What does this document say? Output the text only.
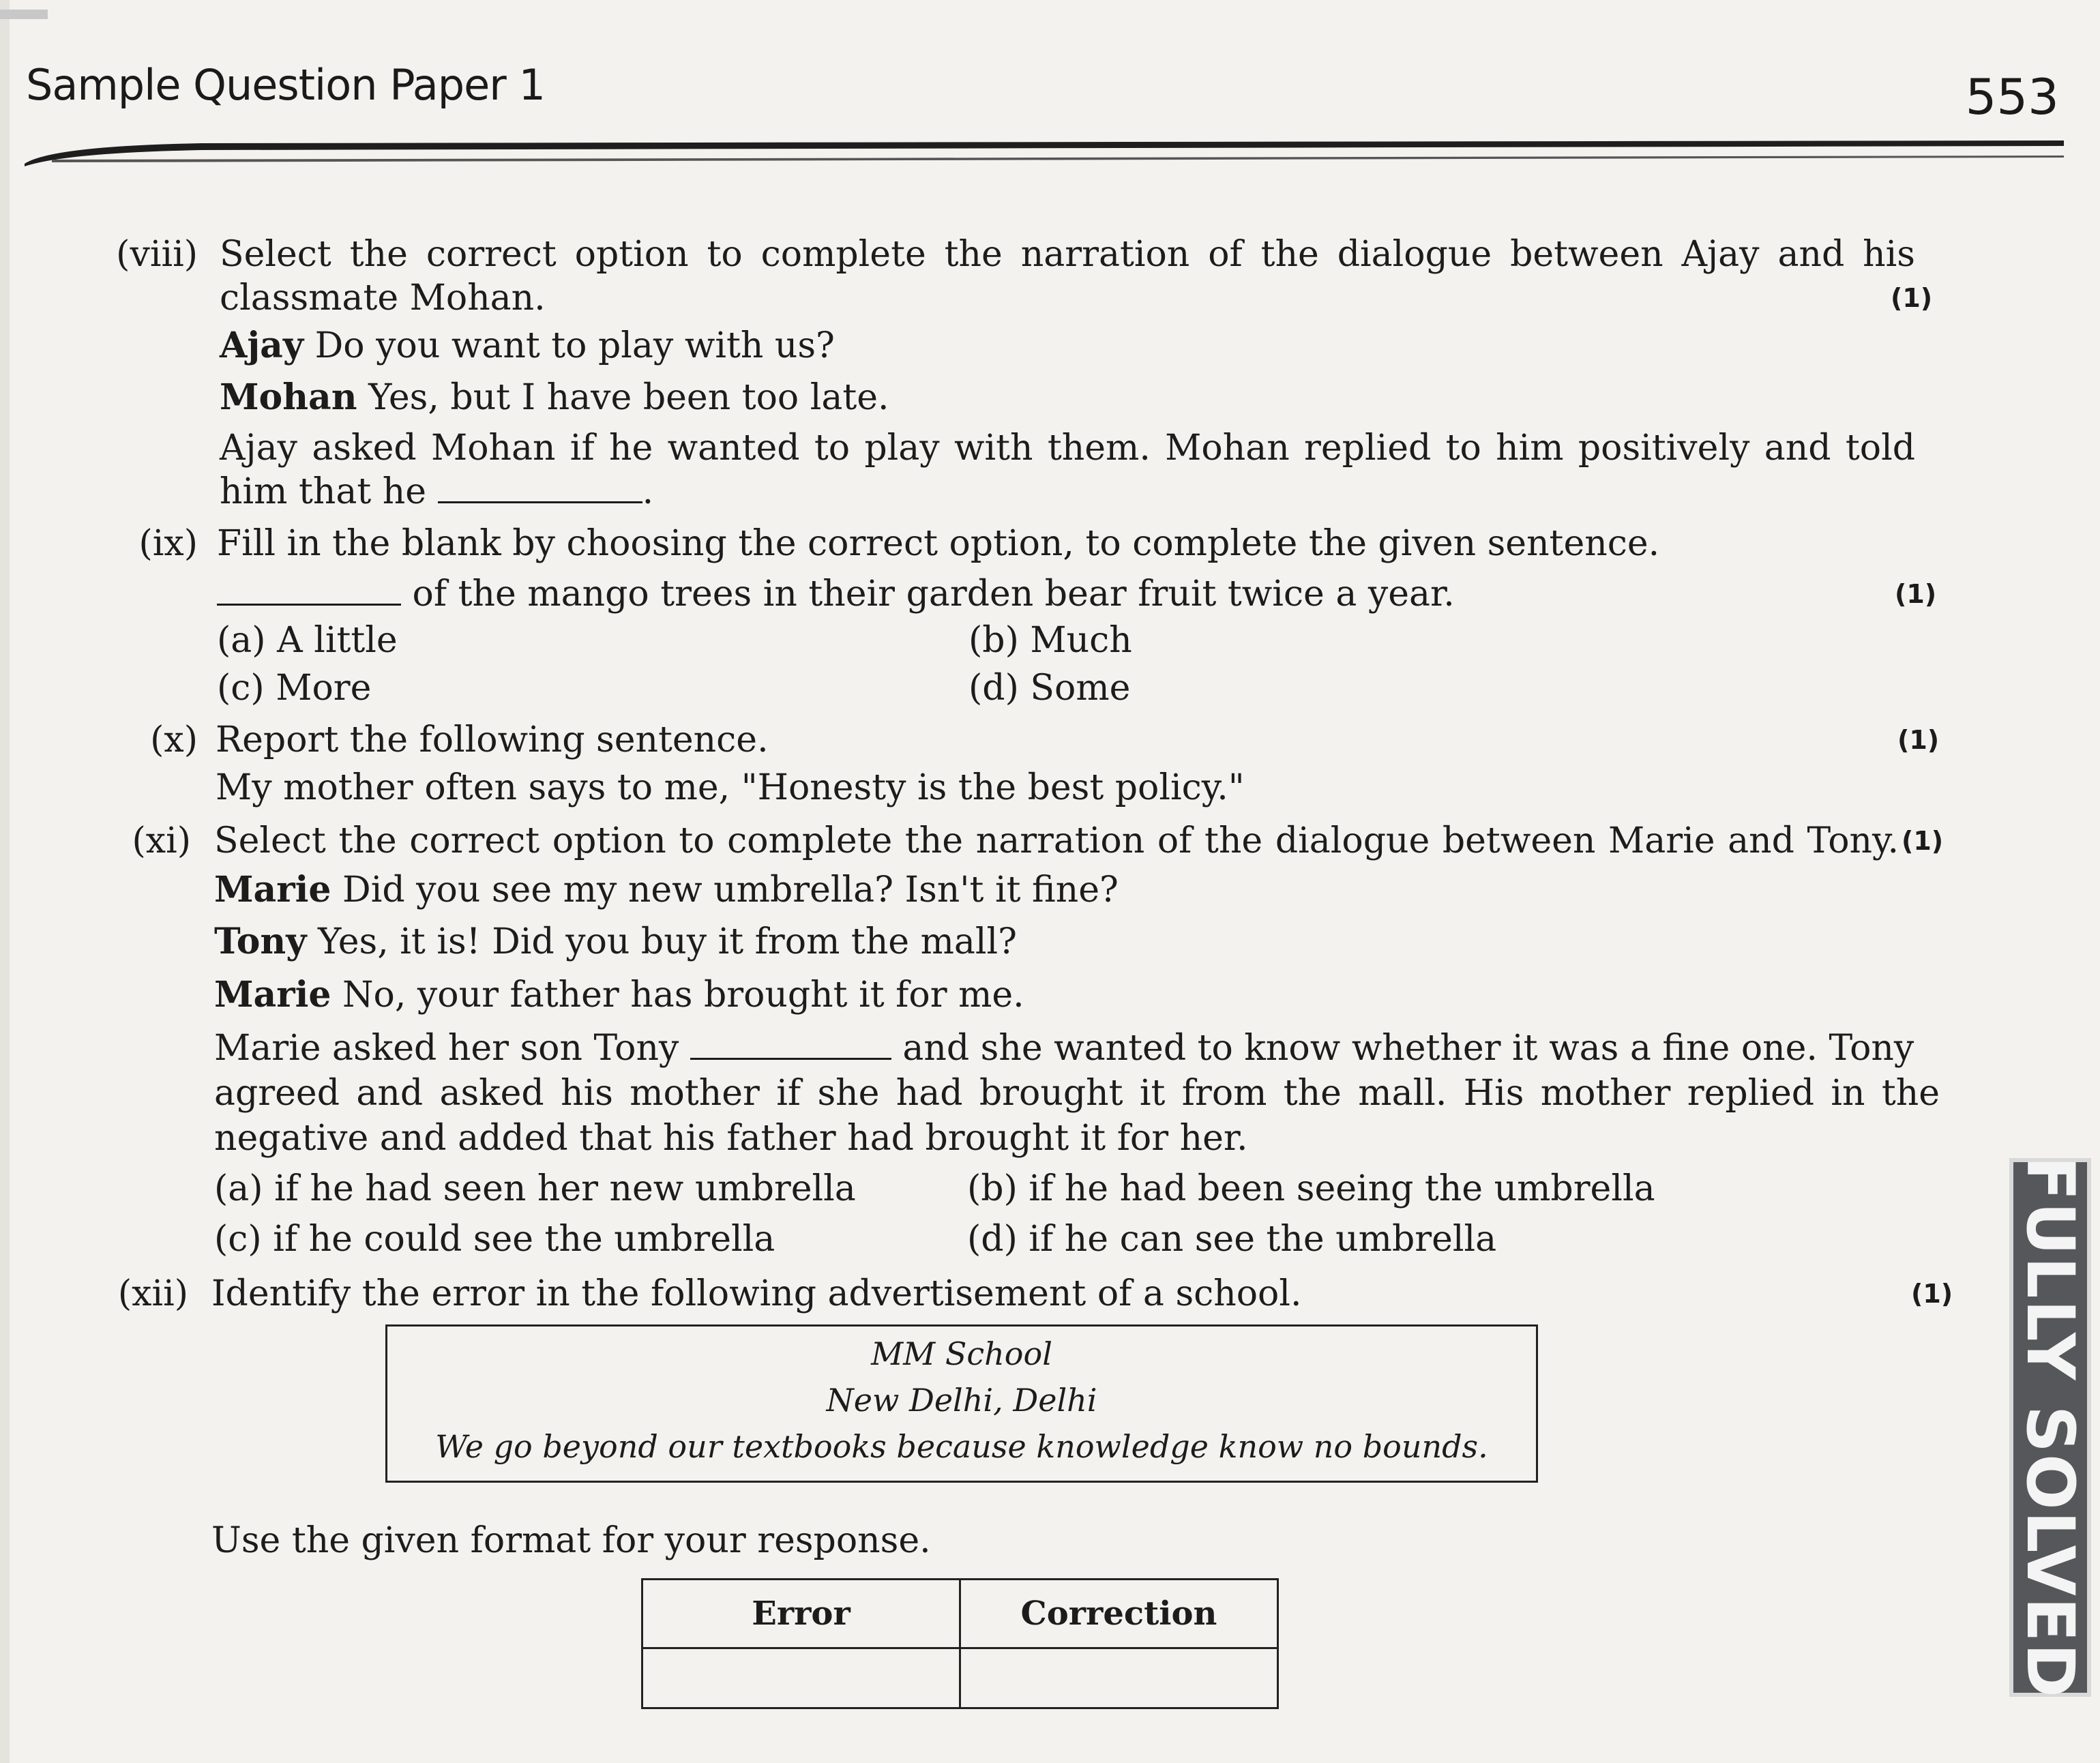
Sample Question Paper 1	553
(viii) Select the correct option to complete the narration of the dialogue between Ajay and his
classmate Mohan.	(1)
Ajay Do you want to play with us?
Mohan Yes, but I have been too late.
Ajay asked Mohan if he wanted to play with them. Mohan replied to him positively and told
him that he	.
(ix) Fill in the blank by choosing the correct option, to complete the given sentence.
of the mango trees in their garden bear fruit twice a year.	(1)
(a) A little	(b) Much
(c) More	(d) Some
(x) Report the following sentence.	(1)
My mother often says to me, "Honesty is the best policy."
(xi) Select the correct option to complete the narration of the dialogue between Marie and Tony. (1)
Marie Did you see my new umbrella? Isn't it fine?
Tony Yes, it is! Did you buy it from the mall?
Marie No, your father has brought it for me.
Marie asked her son Tony	and she wanted to know whether it was a fine one. Tony
agreed and asked his mother if she had brought it from the mall. His mother replied in the
negative and added that his father had brought it for her.
(a) if he had seen her new umbrella	(b) if he had been seeing the umbrella
(c) if he could see the umbrella	(d) if he can see the umbrella
(xii) Identify the error in the following advertisement of a school.	(1)
MM School
New Delhi, Delhi
We go beyond our textbooks because knowledge know no bounds.
Use the given format for your response.
Error	Correction
		FULLY SOLVED
